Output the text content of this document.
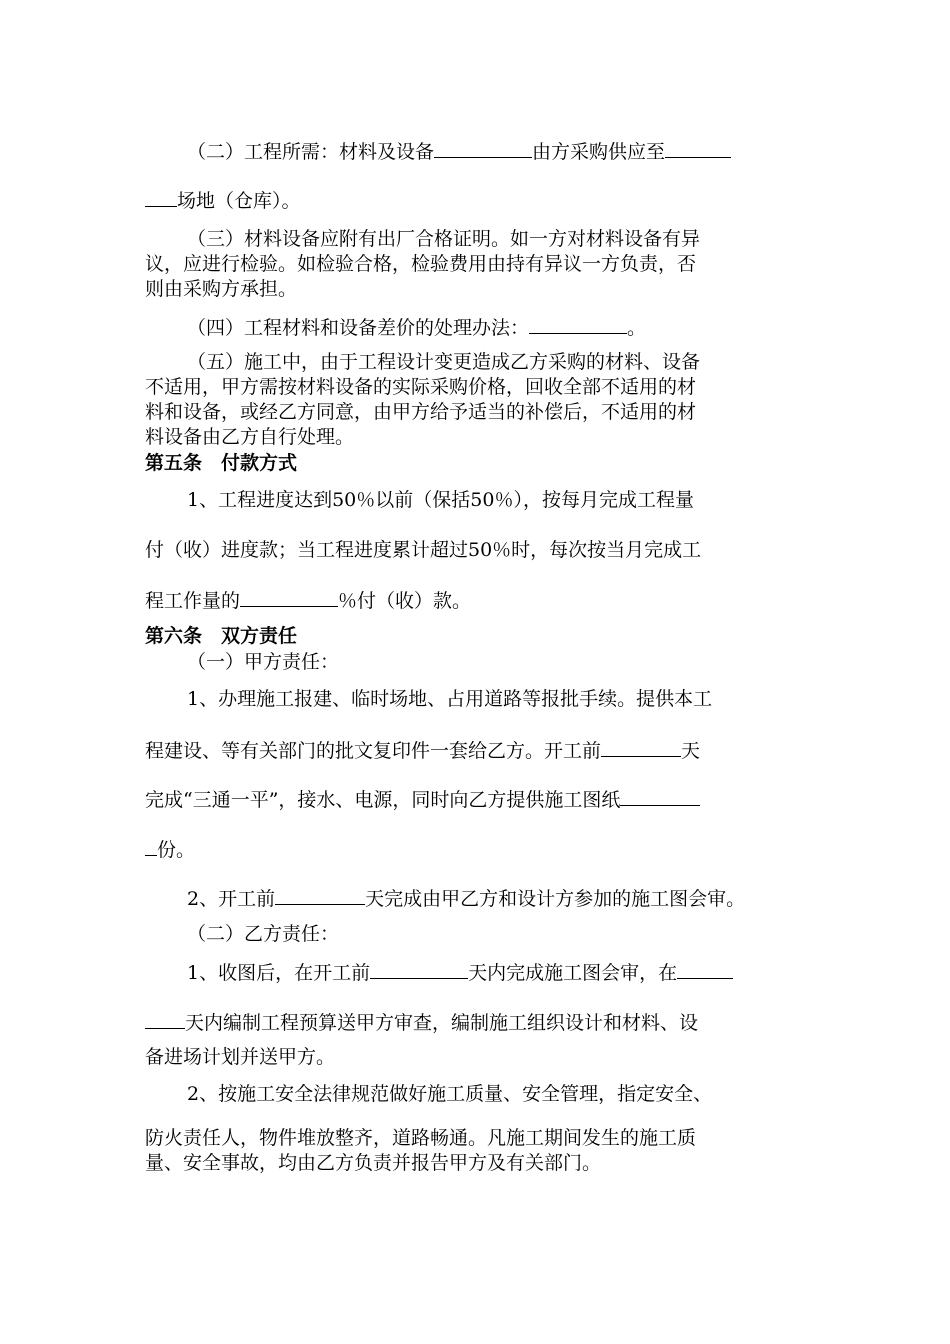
（二）工程所需：材料及设备	由方采购供应至
场地（仓库）。
（三）材料设备应附有出厂合格证明。如一方对材料设备有异
议，应进行检验。如检验合格，检验费用由持有异议一方负责，否
则由采购方承担。
（四）工程材料和设备差价的处理办法：	。
（五）施工中，由于工程设计变更造成乙方采购的材料、设备
不适用，甲方需按材料设备的实际采购价格，回收全部不适用的材
料和设备，或经乙方同意，由甲方给予适当的补偿后，不适用的材
料设备由乙方自行处理。
第五条　付款方式
1、工程进度达到50％以前（保括50％），按每月完成工程量
付（收）进度款；当工程进度累计超过50％时，每次按当月完成工
程工作量的	％付（收）款。
第六条　双方责任
（一）甲方责任：
1、办理施工报建、临时场地、占用道路等报批手续。提供本工
程建设、等有关部门的批文复印件一套给乙方。开工前	天
完成“三通一平”，接水、电源，同时向乙方提供施工图纸
份。
2、开工前	天完成由甲乙方和设计方参加的施工图会审。
（二）乙方责任：
1、收图后，在开工前	天内完成施工图会审，在
天内编制工程预算送甲方审查，编制施工组织设计和材料、设
备进场计划并送甲方。
2、按施工安全法律规范做好施工质量、安全管理，指定安全、
防火责任人，物件堆放整齐，道路畅通。凡施工期间发生的施工质
量、安全事故，均由乙方负责并报告甲方及有关部门。
